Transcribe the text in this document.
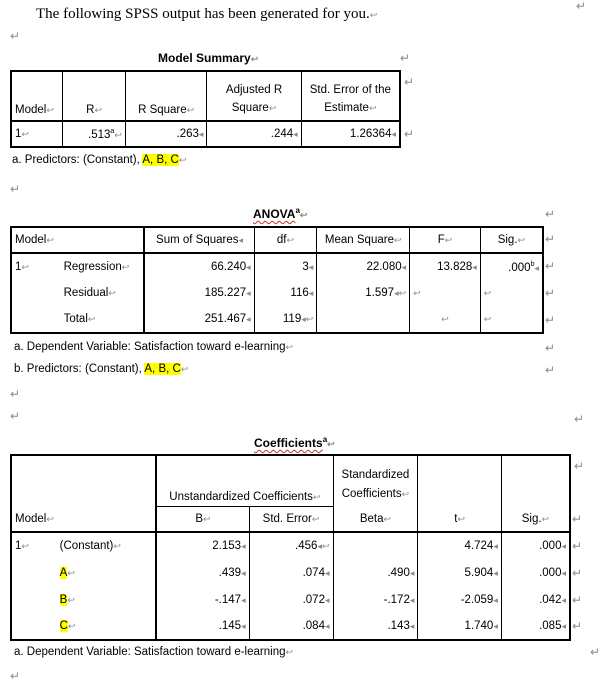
The following SPSS output has been generated for you.↩
↵
↵
Model Summary↩	↵
↵
↵
Model↩	R↩	R Square↩	Adjusted R	Std. Error of the
			Square↩	Estimate↩
1↩	.513$^a$↩	.263◂	.244◂	1.26364◂
a. Predictors: (Constant), A, B, C↩
↵
ANOVA$^a$↩	↵
↵
↵
↵
↵
Model↩		Sum of Squares◂	df↩	Mean Square↩	F↩	Sig.↩
1↩	Regression↩	66.240◂	3◂	22.080◂	13.828◂	.000$^b$◂
	Residual↩	185.227◂	116◂	1.597◂↩	↩	↩
	Total↩	251.467◂	119◂↩		↩	↩
a. Dependent Variable: Satisfaction toward e-learning↩
b. Predictors: (Constant), A, B, C↩
↵
↵
↵
↵	↵
Coefficients$^a$↩
↵
↵
↵
↵
↵
↵
		Unstandardized Coefficients↩		Standardized		
				Coefficients↩		
Model↩		B↩	Std. Error↩	Beta↩	t↩	Sig.↩
1↩	(Constant)↩	2.153◂	.456◂↩		4.724◂	.000◂
	A↩	.439◂	.074◂	.490◂	5.904◂	.000◂
	B↩	-.147◂	.072◂	-.172◂	-2.059◂	.042◂
	C↩	.145◂	.084◂	.143◂	1.740◂	.085◂
a. Dependent Variable: Satisfaction toward e-learning↩	↵
↵
